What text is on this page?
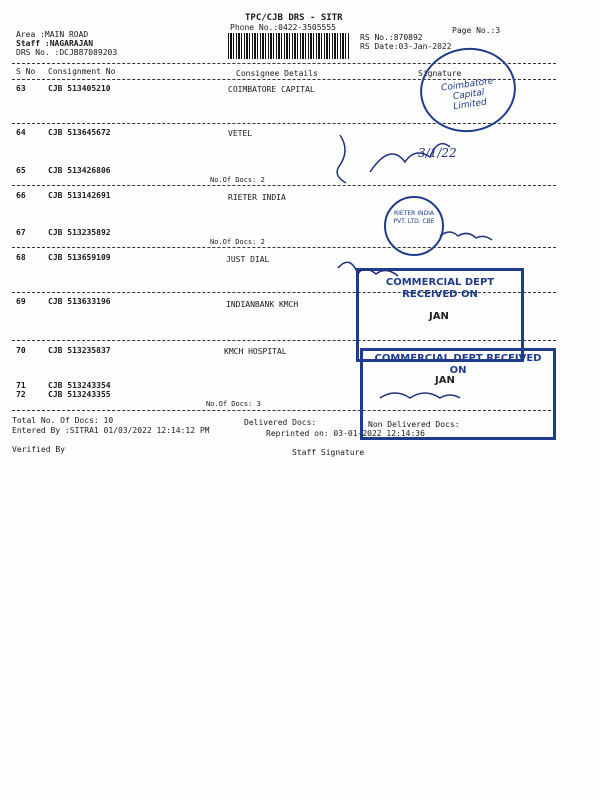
TPC/CJB DRS - SITR
Phone No.:0422-3505555	Page No.:3
Area :MAIN ROAD
Staff :NAGARAJAN
DRS No. :DCJB87089203
RS No.:870892
RS Date:03-Jan-2022
S No Consignment No	Consignee Details	Signature
63	CJB 513405210	COIMBATORE CAPITAL
64	CJB 513645672	VETEL
65	CJB 513426806
No.Of Docs: 2
66	CJB 513142691	RIETER INDIA
67	CJB 513235892
No.Of Docs: 2
68	CJB 513659109	JUST DIAL
69	CJB 513633196	INDIANBANK KMCH
70	CJB 513235837	KMCH HOSPITAL
71	CJB 513243354
72	CJB 513243355
No.Of Docs: 3
Total No. Of Docs: 10	Delivered Docs:	Non Delivered Docs:
Entered By :SITRA1 01/03/2022 12:14:12 PM	Reprinted on: 03-01-2022 12:14:36
Verified By	Staff Signature
Coimbatore Capital Limited
RIETER INDIA PVT. LTD. CBE
COMMERCIAL DEPT RECEIVED ON
JAN
COMMERCIAL DEPT RECEIVED ON
JAN
3/1/22
